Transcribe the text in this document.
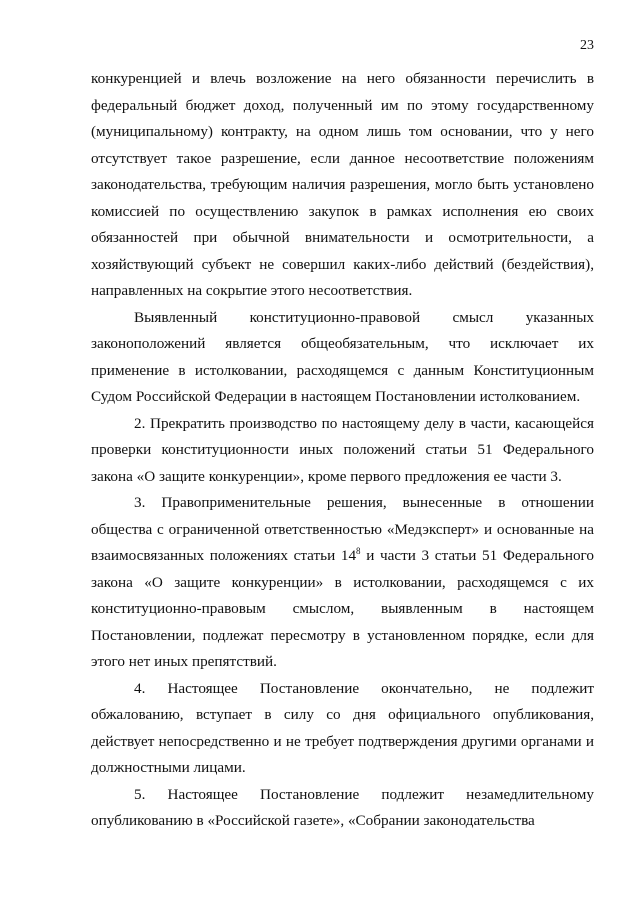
23

конкуренцией и влечь возложение на него обязанности перечислить в федеральный бюджет доход, полученный им по этому государственному (муниципальному) контракту, на одном лишь том основании, что у него отсутствует такое разрешение, если данное несоответствие положениям законодательства, требующим наличия разрешения, могло быть установлено комиссией по осуществлению закупок в рамках исполнения ею своих обязанностей при обычной внимательности и осмотрительности, а хозяйствующий субъект не совершил каких-либо действий (бездействия), направленных на сокрытие этого несоответствия.

Выявленный конституционно-правовой смысл указанных законоположений является общеобязательным, что исключает их применение в истолковании, расходящемся с данным Конституционным Судом Российской Федерации в настоящем Постановлении истолкованием.

2. Прекратить производство по настоящему делу в части, касающейся проверки конституционности иных положений статьи 51 Федерального закона «О защите конкуренции», кроме первого предложения ее части 3.

3. Правоприменительные решения, вынесенные в отношении общества с ограниченной ответственностью «Медэксперт» и основанные на взаимосвязанных положениях статьи $14^8$ и части 3 статьи 51 Федерального закона «О защите конкуренции» в истолковании, расходящемся с их конституционно-правовым смыслом, выявленным в настоящем Постановлении, подлежат пересмотру в установленном порядке, если для этого нет иных препятствий.

4. Настоящее Постановление окончательно, не подлежит обжалованию, вступает в силу со дня официального опубликования, действует непосредственно и не требует подтверждения другими органами и должностными лицами.

5. Настоящее Постановление подлежит незамедлительному опубликованию в «Российской газете», «Собрании законодательства
